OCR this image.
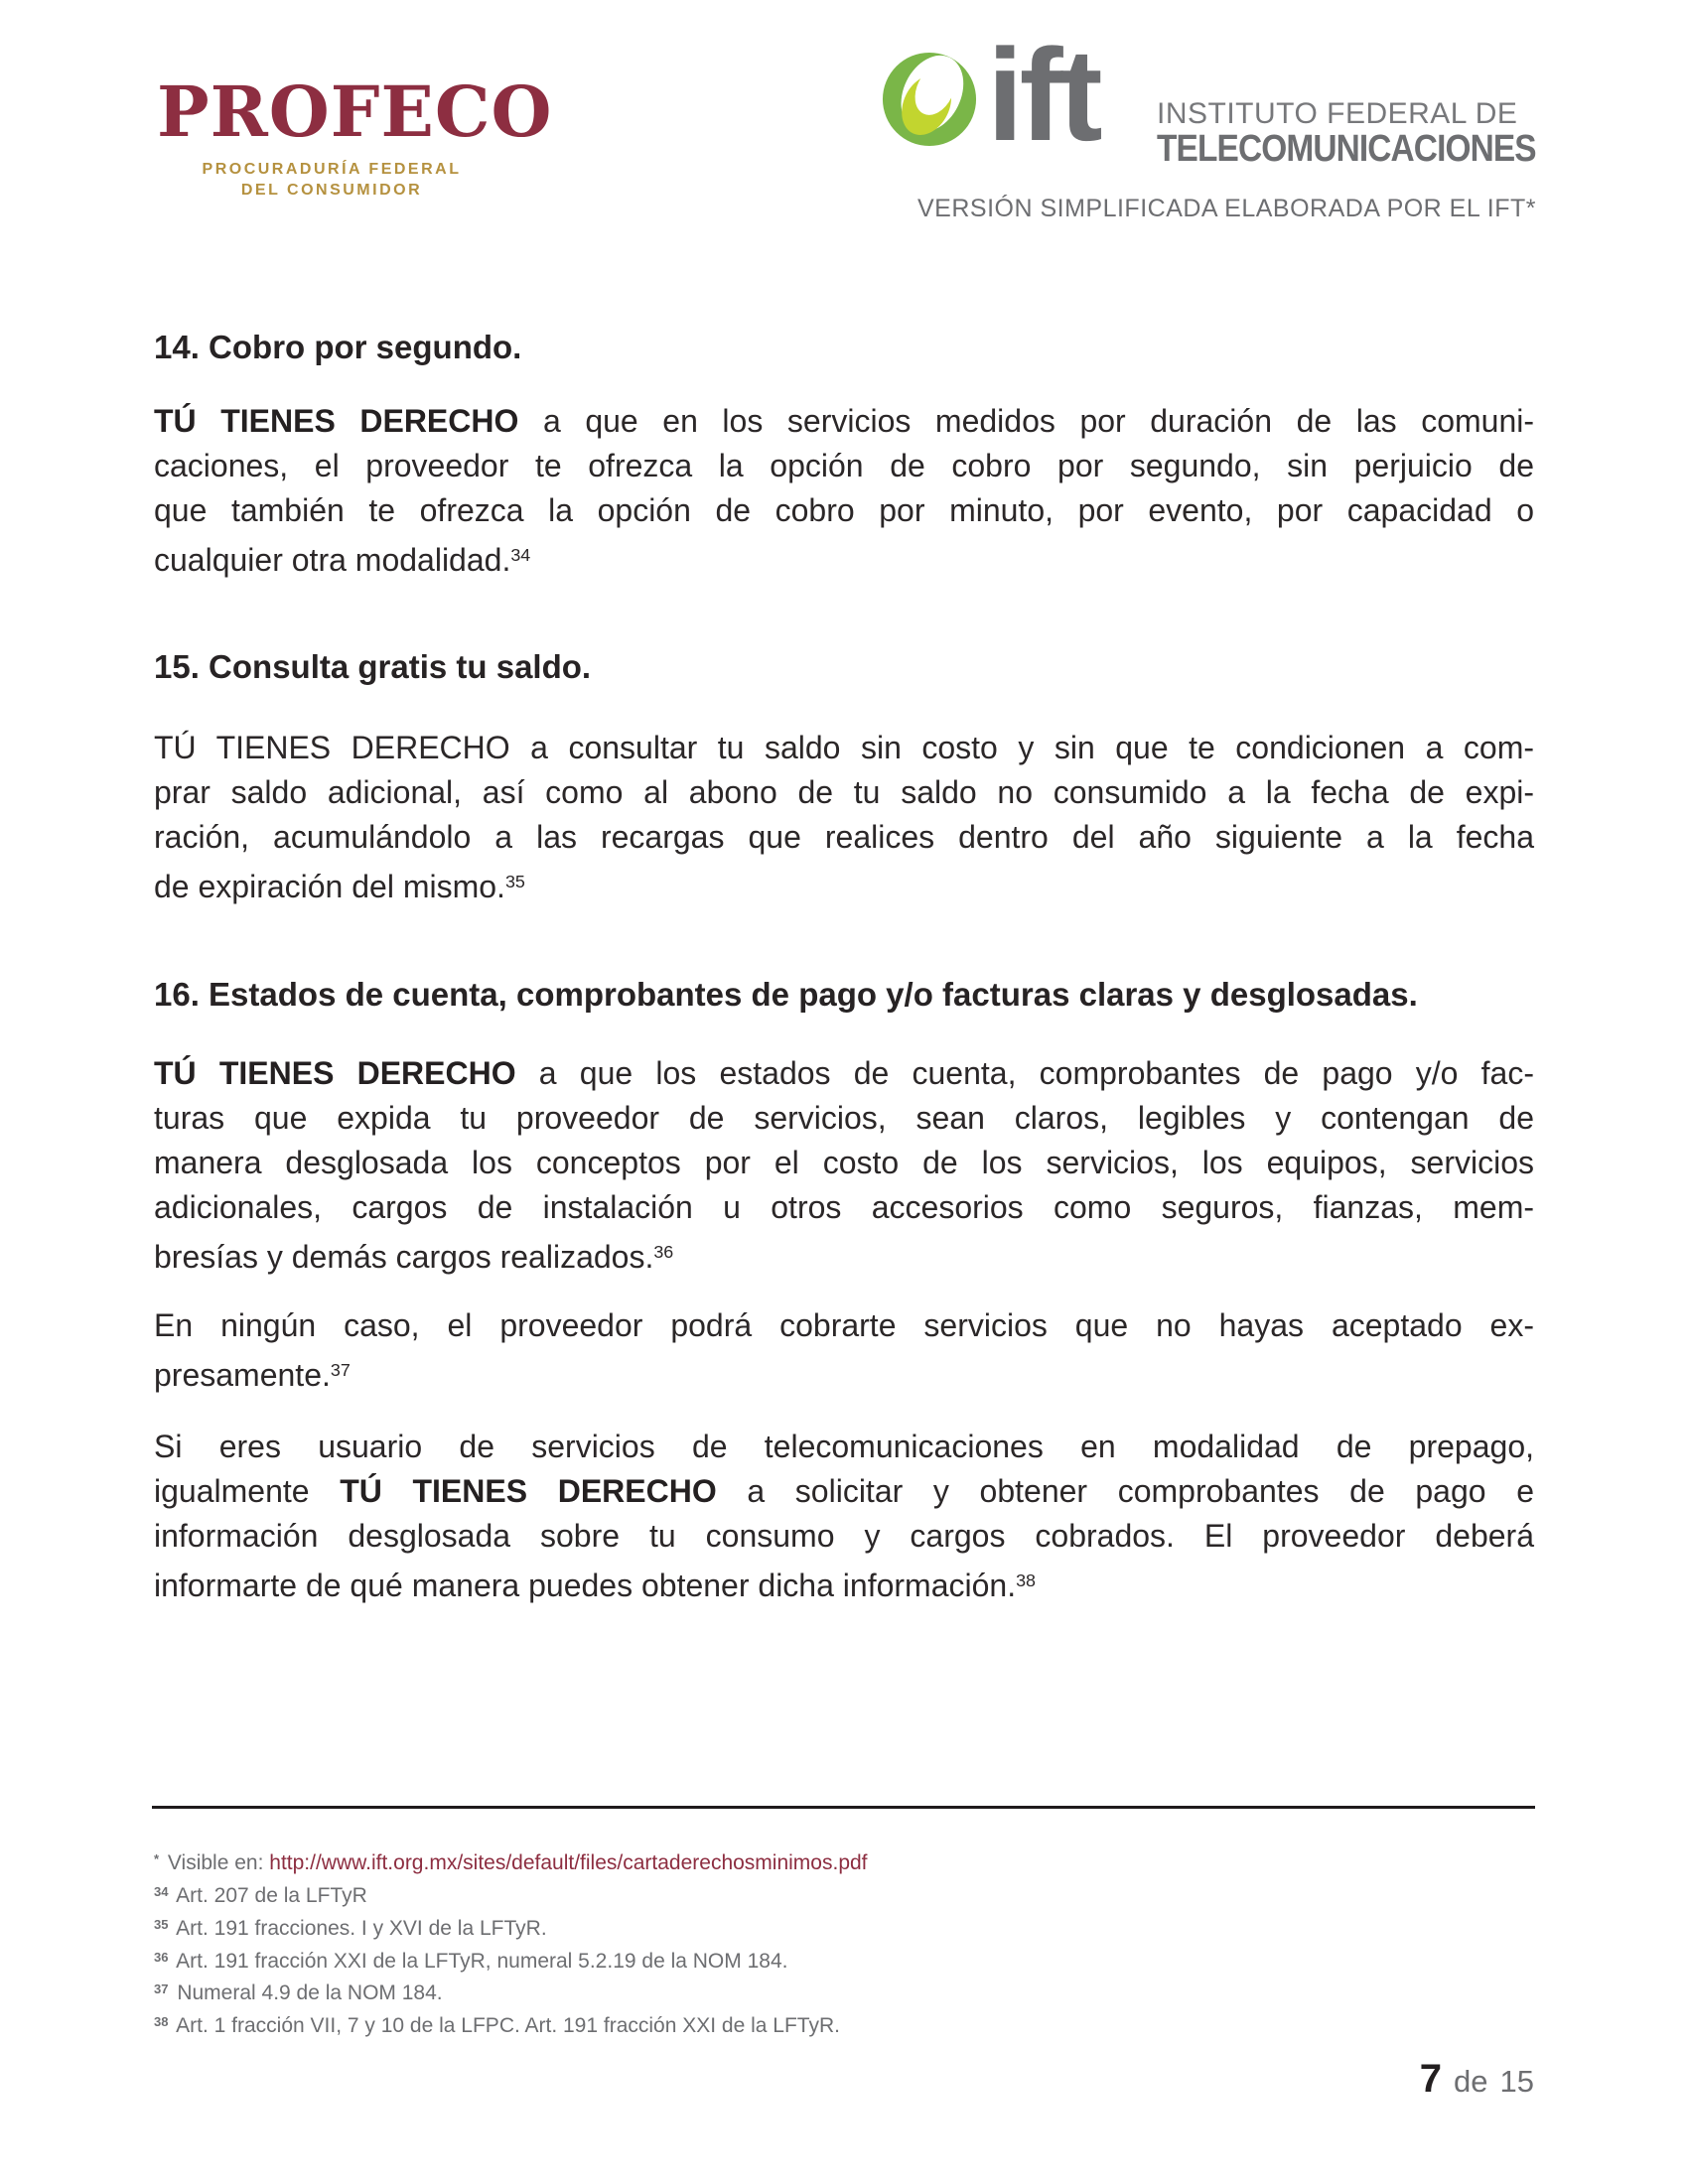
PROFECO
PROCURADURÍA FEDERAL
DEL CONSUMIDOR
ift INSTITUTO FEDERAL DE
TELECOMUNICACIONES
VERSIÓN SIMPLIFICADA ELABORADA POR EL IFT*
14. Cobro por segundo.
TÚ TIENES DERECHO a que en los servicios medidos por duración de las comuni-
caciones, el proveedor te ofrezca la opción de cobro por segundo, sin perjuicio de
que también te ofrezca la opción de cobro por minuto, por evento, por capacidad o
cualquier otra modalidad.$^{34}$
15. Consulta gratis tu saldo.
TÚ TIENES DERECHO a consultar tu saldo sin costo y sin que te condicionen a com-
prar saldo adicional, así como al abono de tu saldo no consumido a la fecha de expi-
ración, acumulándolo a las recargas que realices dentro del año siguiente a la fecha
de expiración del mismo.$^{35}$
16. Estados de cuenta, comprobantes de pago y/o facturas claras y desglosadas.
TÚ TIENES DERECHO a que los estados de cuenta, comprobantes de pago y/o fac-
turas que expida tu proveedor de servicios, sean claros, legibles y contengan de
manera desglosada los conceptos por el costo de los servicios, los equipos, servicios
adicionales, cargos de instalación u otros accesorios como seguros, fianzas, mem-
bresías y demás cargos realizados.$^{36}$
En ningún caso, el proveedor podrá cobrarte servicios que no hayas aceptado ex-
presamente.$^{37}$
Si eres usuario de servicios de telecomunicaciones en modalidad de prepago,
igualmente TÚ TIENES DERECHO a solicitar y obtener comprobantes de pago e
información desglosada sobre tu consumo y cargos cobrados. El proveedor deberá
informarte de qué manera puedes obtener dicha información.$^{38}$
* Visible en: http://www.ift.org.mx/sites/default/files/cartaderechosminimos.pdf
$^{34}$ Art. 207 de la LFTyR
$^{35}$ Art. 191 fracciones. I y XVI de la LFTyR.
$^{36}$ Art. 191 fracción XXI de la LFTyR, numeral 5.2.19 de la NOM 184.
$^{37}$ Numeral 4.9 de la NOM 184.
$^{38}$ Art. 1 fracción VII, 7 y 10 de la LFPC. Art. 191 fracción XXI de la LFTyR.
7 de 15
